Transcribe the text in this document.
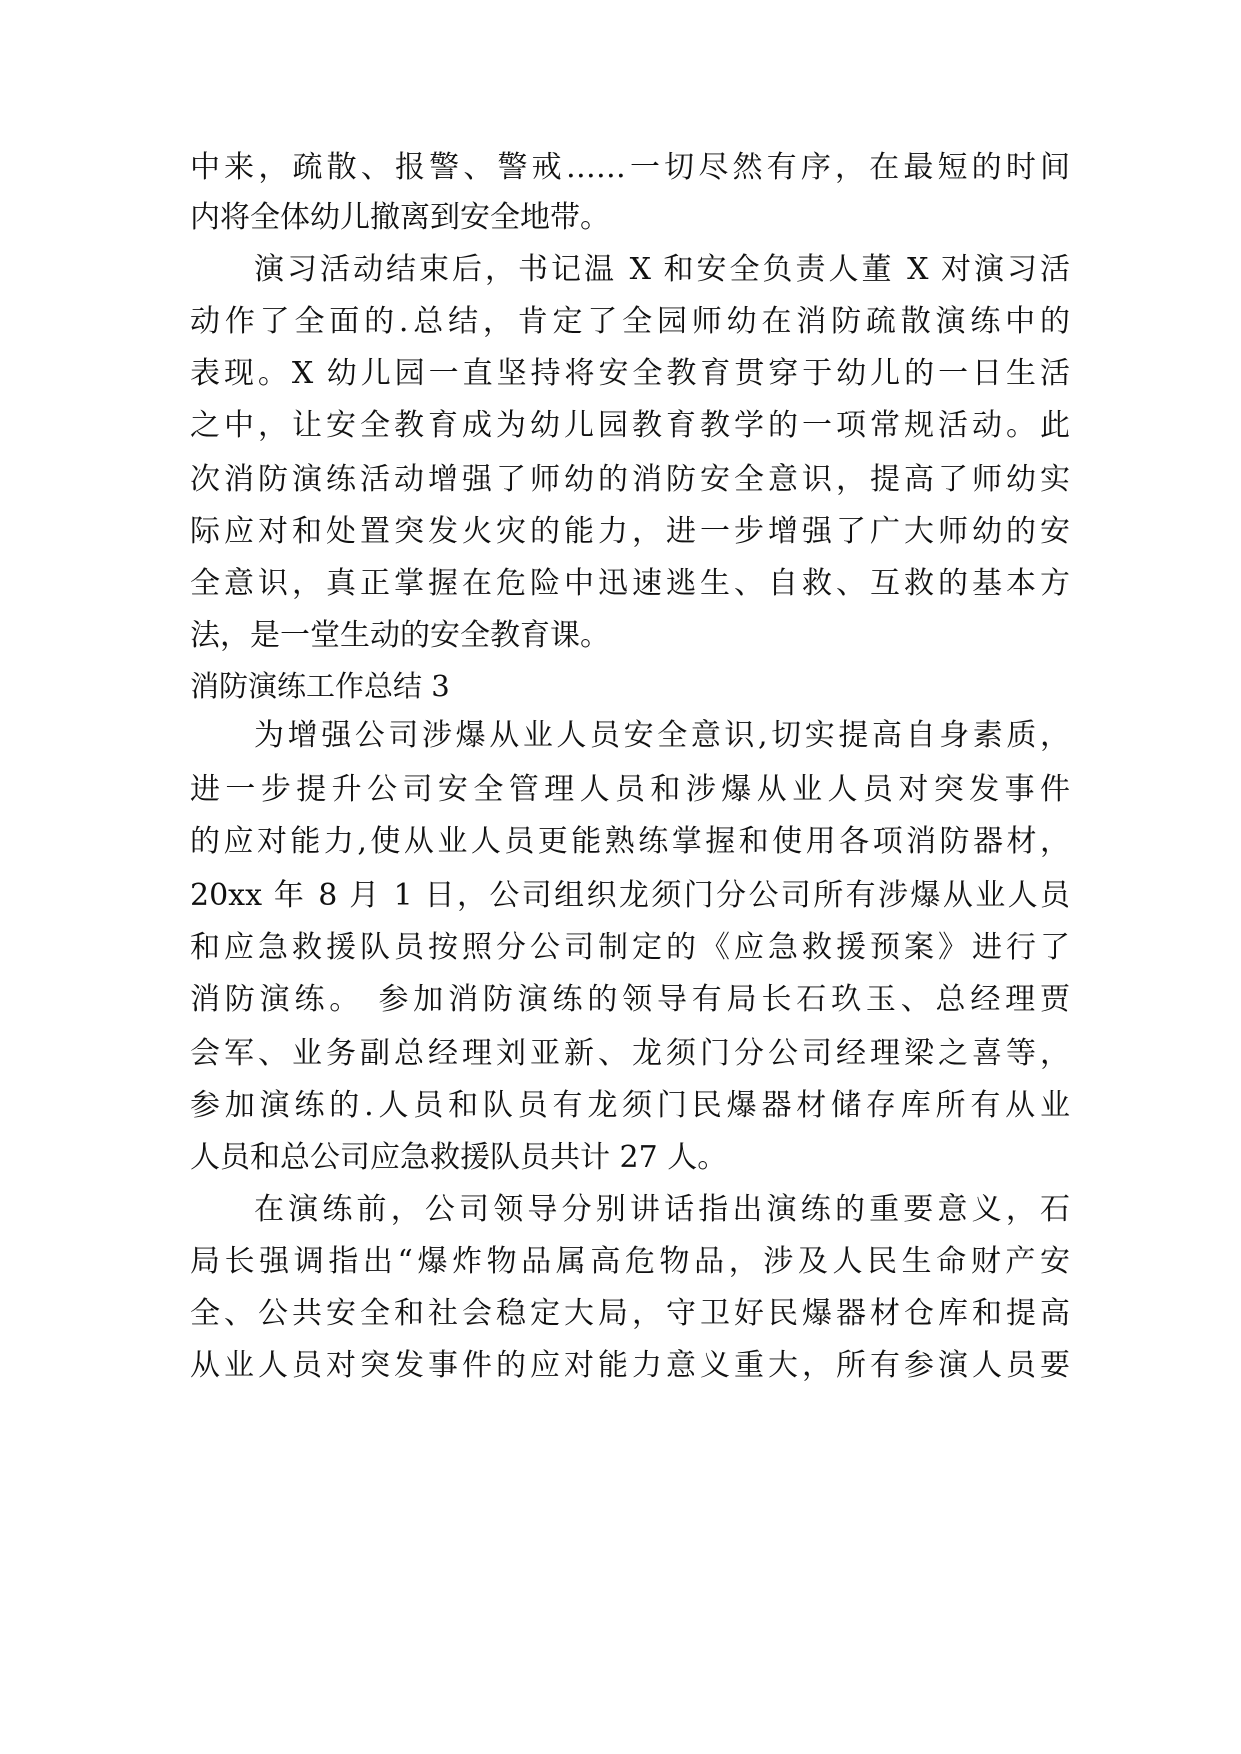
中来，疏散、报警、警戒……一切尽然有序，在最短的时间
内将全体幼儿撤离到安全地带。
演习活动结束后，书记温 X 和安全负责人董 X 对演习活
动作了全面的.总结，肯定了全园师幼在消防疏散演练中的
表现。X 幼儿园一直坚持将安全教育贯穿于幼儿的一日生活
之中，让安全教育成为幼儿园教育教学的一项常规活动。此
次消防演练活动增强了师幼的消防安全意识，提高了师幼实
际应对和处置突发火灾的能力，进一步增强了广大师幼的安
全意识，真正掌握在危险中迅速逃生、自救、互救的基本方
法，是一堂生动的安全教育课。
消防演练工作总结 3
为增强公司涉爆从业人员安全意识,切实提高自身素质，
进一步提升公司安全管理人员和涉爆从业人员对突发事件
的应对能力,使从业人员更能熟练掌握和使用各项消防器材，
20xx 年 8 月 1 日，公司组织龙须门分公司所有涉爆从业人员
和应急救援队员按照分公司制定的《应急救援预案》进行了
消防演练。 参加消防演练的领导有局长石玖玉、总经理贾
会军、业务副总经理刘亚新、龙须门分公司经理梁之喜等，
参加演练的.人员和队员有龙须门民爆器材储存库所有从业
人员和总公司应急救援队员共计 27 人。
在演练前，公司领导分别讲话指出演练的重要意义，石
局长强调指出“爆炸物品属高危物品，涉及人民生命财产安
全、公共安全和社会稳定大局，守卫好民爆器材仓库和提高
从业人员对突发事件的应对能力意义重大，所有参演人员要
